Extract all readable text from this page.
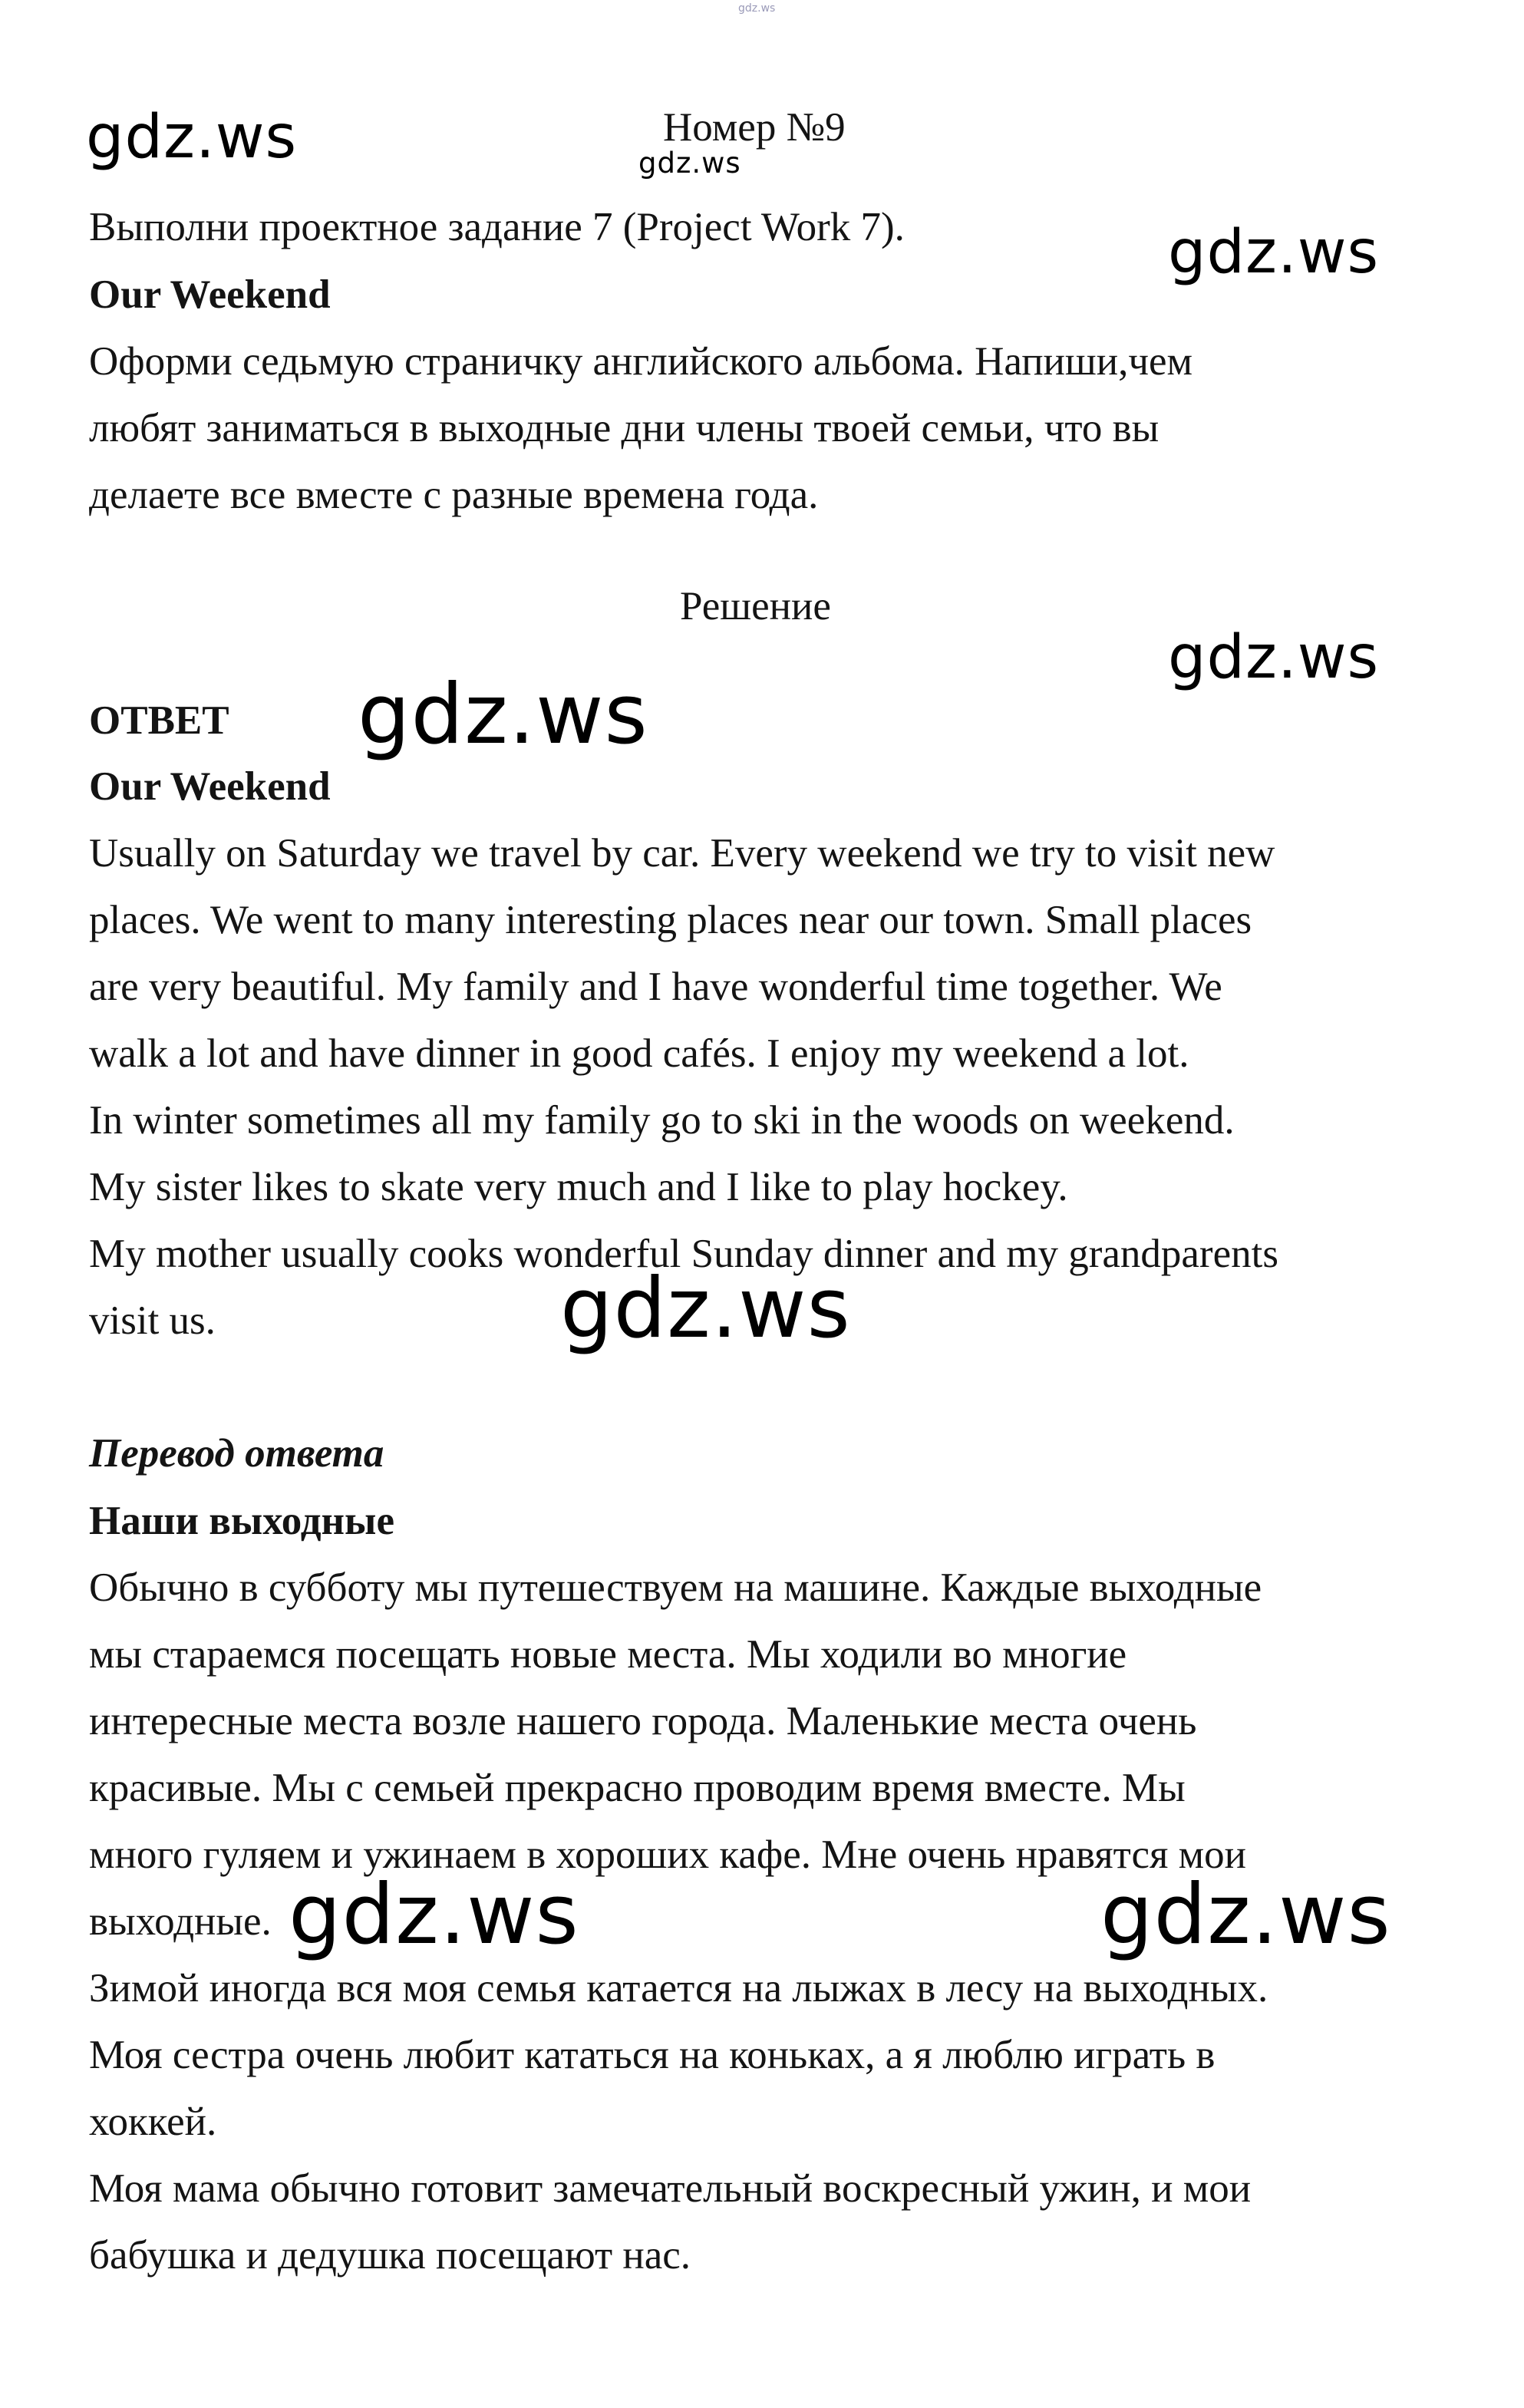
Номер №9
Выполни проектное задание 7 (Project Work 7).
Our Weekend
Оформи седьмую страничку английского альбома. Напиши,чем
любят заниматься в выходные дни члены твоей семьи, что вы
делаете все вместе с разные времена года.
Решение
ОТВЕТ
Our Weekend
Usually on Saturday we travel by car. Every weekend we try to visit new
places. We went to many interesting places near our town. Small places
are very beautiful. My family and I have wonderful time together. We
walk a lot and have dinner in good cafés. I enjoy my weekend a lot.
In winter sometimes all my family go to ski in the woods on weekend.
My sister likes to skate very much and I like to play hockey.
My mother usually cooks wonderful Sunday dinner and my grandparents
visit us.
Перевод ответа
Наши выходные
Обычно в субботу мы путешествуем на машине. Каждые выходные
мы стараемся посещать новые места. Мы ходили во многие
интересные места возле нашего города. Маленькие места очень
красивые. Мы с семьей прекрасно проводим время вместе. Мы
много гуляем и ужинаем в хороших кафе. Мне очень нравятся мои
выходные.
Зимой иногда вся моя семья катается на лыжах в лесу на выходных.
Моя сестра очень любит кататься на коньках, а я люблю играть в
хоккей.
Моя мама обычно готовит замечательный воскресный ужин, и мои
бабушка и дедушка посещают нас.
gdz.ws
gdz.ws	gdz.ws
gdz.ws
gdz.ws
gdz.ws
gdz.ws
gdz.ws	gdz.ws
